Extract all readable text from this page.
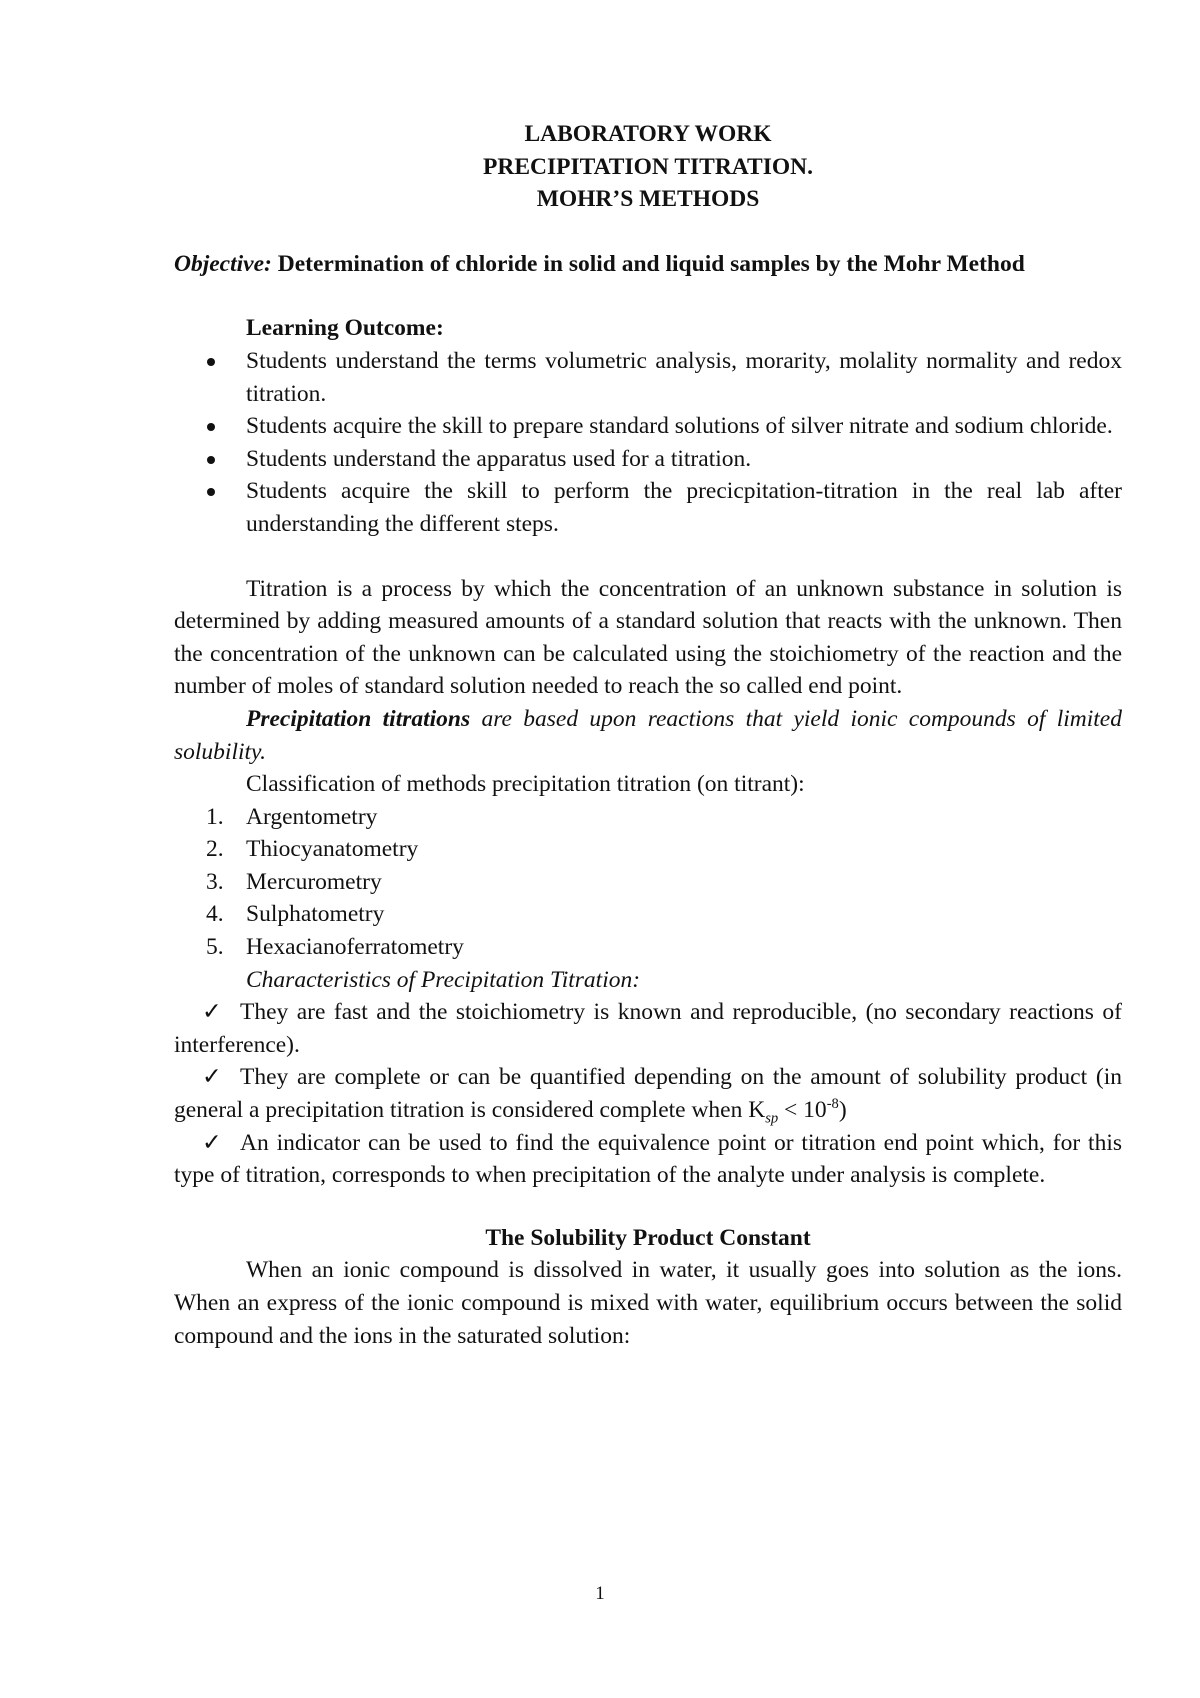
LABORATORY WORK
PRECIPITATION TITRATION.
MOHR’S METHODS
Objective: Determination of chloride in solid and liquid samples by the Mohr Method
Learning Outcome:
Students understand the terms volumetric analysis, morarity, molality normality and redox titration.
Students acquire the skill to prepare standard solutions of silver nitrate and sodium chloride.
Students understand the apparatus used for a titration.
Students acquire the skill to perform the precicpitation-titration in the real lab after understanding the different steps.
Titration is a process by which the concentration of an unknown substance in solution is determined by adding measured amounts of a standard solution that reacts with the unknown. Then the concentration of the unknown can be calculated using the stoichiometry of the reaction and the number of moles of standard solution needed to reach the so called end point.
Precipitation titrations are based upon reactions that yield ionic compounds of limited solubility.
Classification of methods precipitation titration (on titrant):
1. Argentometry
2. Thiocyanatometry
3. Mercurometry
4. Sulphatometry
5. Hexacianoferratometry
Characteristics of Precipitation Titration:
✓ They are fast and the stoichiometry is known and reproducible, (no secondary reactions of interference).
✓ They are complete or can be quantified depending on the amount of solubility product (in general a precipitation titration is considered complete when $K_{sp} < 10^{-8}$)
✓ An indicator can be used to find the equivalence point or titration end point which, for this type of titration, corresponds to when precipitation of the analyte under analysis is complete.
The Solubility Product Constant
When an ionic compound is dissolved in water, it usually goes into solution as the ions. When an express of the ionic compound is mixed with water, equilibrium occurs between the solid compound and the ions in the saturated solution:
1
